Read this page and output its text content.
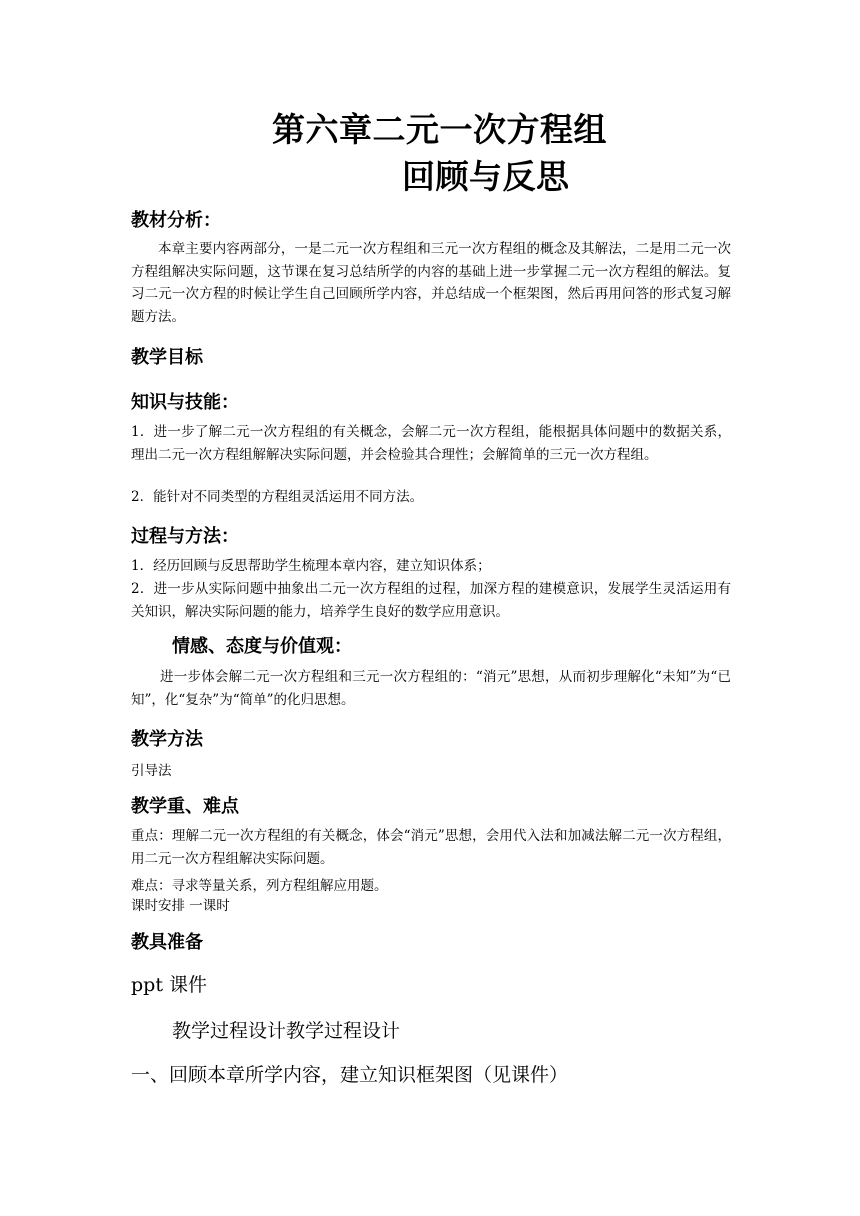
第六章二元一次方程组
回顾与反思
教材分析：
本章主要内容两部分，一是二元一次方程组和三元一次方程组的概念及其解法，二是用二元一次方程组解决实际问题，这节课在复习总结所学的内容的基础上进一步掌握二元一次方程组的解法。复习二元一次方程的时候让学生自己回顾所学内容，并总结成一个框架图，然后再用问答的形式复习解题方法。
教学目标
知识与技能：
1．进一步了解二元一次方程组的有关概念，会解二元一次方程组，能根据具体问题中的数据关系，理出二元一次方程组解解决实际问题，并会检验其合理性；会解简单的三元一次方程组。
2．能针对不同类型的方程组灵活运用不同方法。
过程与方法：
1．经历回顾与反思帮助学生梳理本章内容，建立知识体系；
2．进一步从实际问题中抽象出二元一次方程组的过程，加深方程的建模意识，发展学生灵活运用有关知识，解决实际问题的能力，培养学生良好的数学应用意识。
情感、态度与价值观：
进一步体会解二元一次方程组和三元一次方程组的：“消元”思想，从而初步理解化“未知”为“已知”，化“复杂”为“简单”的化归思想。
教学方法
引导法
教学重、难点
重点：理解二元一次方程组的有关概念，体会“消元”思想，会用代入法和加减法解二元一次方程组，用二元一次方程组解决实际问题。
难点：寻求等量关系，列方程组解应用题。
课时安排 一课时
教具准备
ppt 课件
教学过程设计教学过程设计
一、回顾本章所学内容，建立知识框架图（见课件）
